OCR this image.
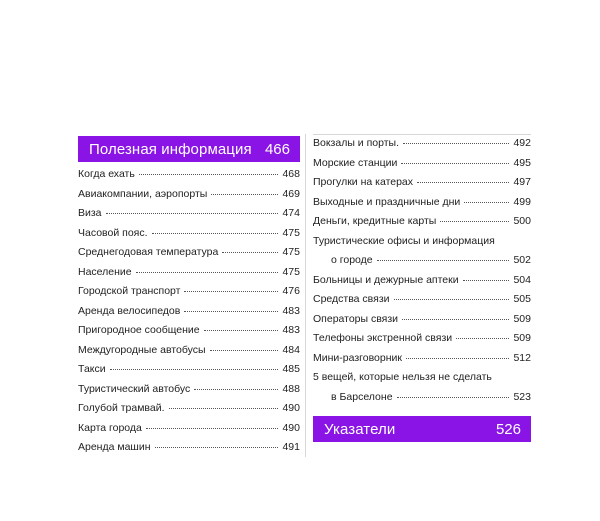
Полезная информация 466
Когда ехать	468
Авиакомпании, аэропорты	469
Виза	474
Часовой пояс.	475
Среднегодовая температура	475
Население	475
Городской транспорт	476
Аренда велосипедов	483
Пригородное сообщение	483
Междугородные автобусы	484
Такси	485
Туристический автобус	488
Голубой трамвай.	490
Карта города	490
Аренда машин	491
Вокзалы и порты.	492
Морские станции	495
Прогулки на катерах	497
Выходные и праздничные дни	499
Деньги, кредитные карты	500
Туристические офисы и информация
о городе	502
Больницы и дежурные аптеки	504
Средства связи	505
Операторы связи	509
Телефоны экстренной связи	509
Мини-разговорник	512
5 вещей, которые нельзя не сделать
в Барселоне	523
Указатели	526
